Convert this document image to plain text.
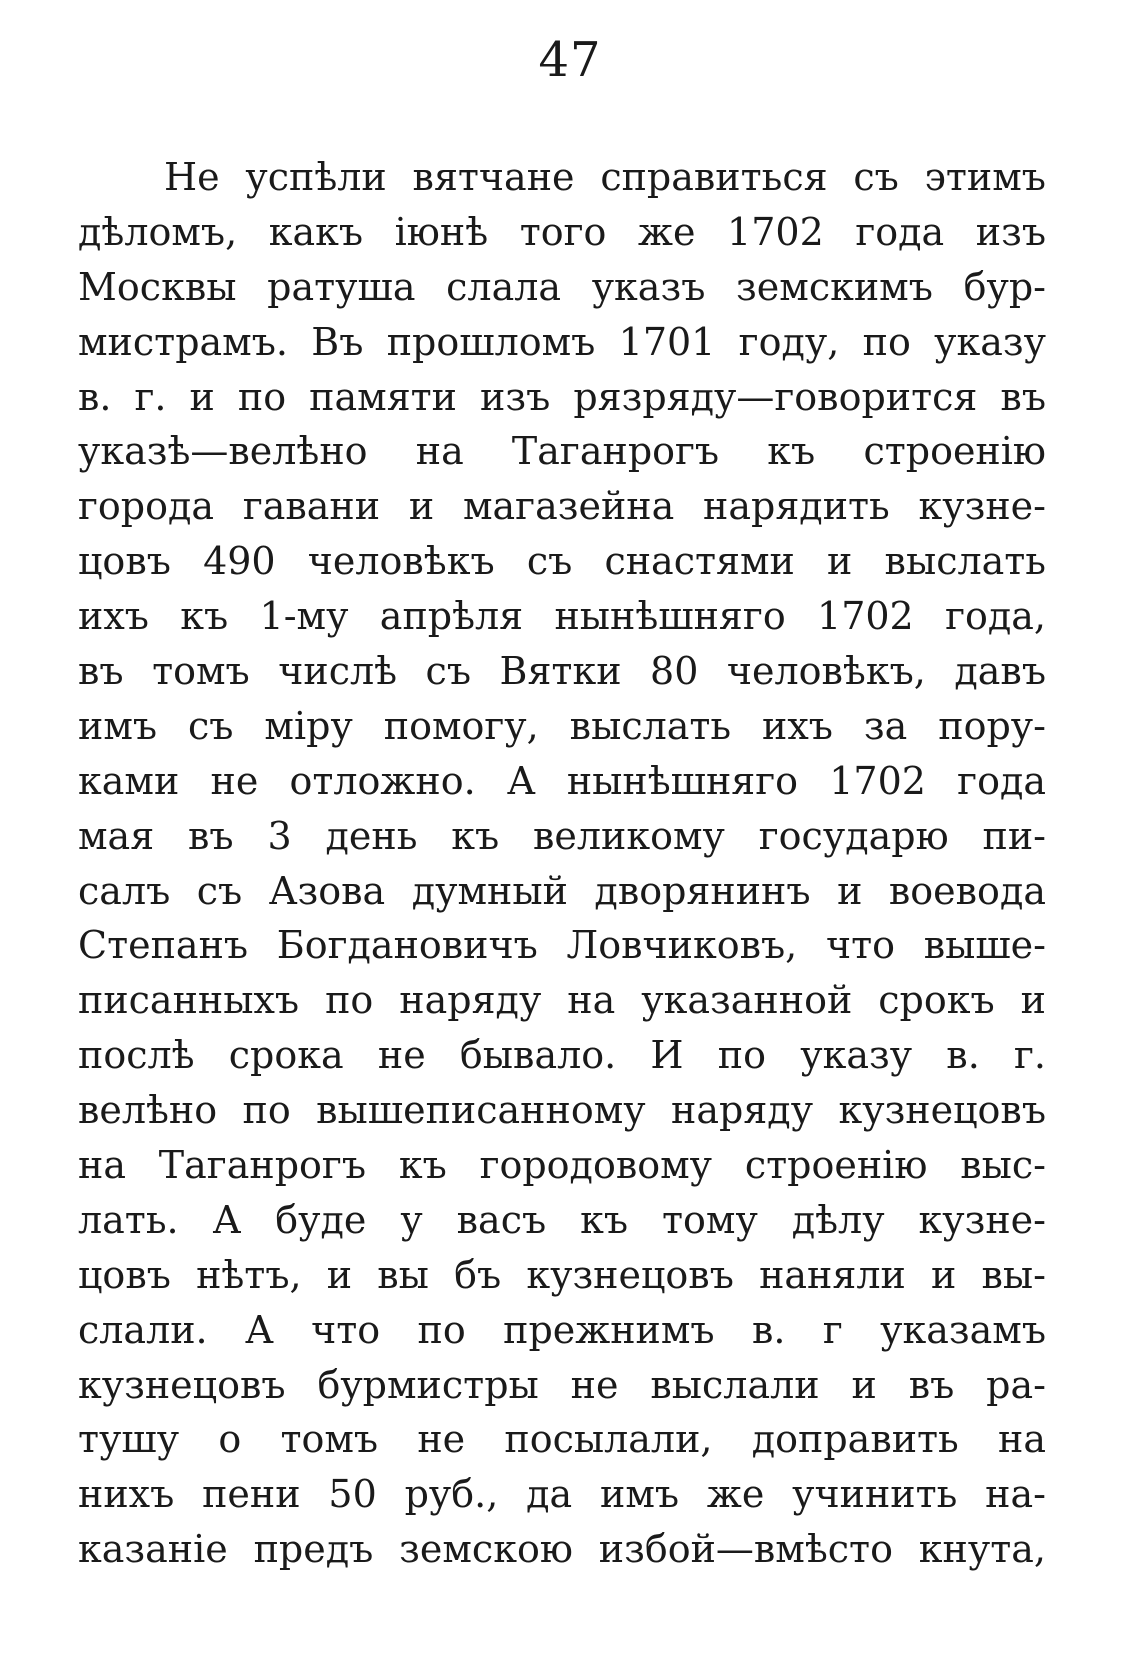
47
Не успѣли вятчане справиться съ этимъ
дѣломъ, какъ іюнѣ того же 1702 года изъ
Москвы ратуша слала указъ земскимъ бур-
мистрамъ. Въ прошломъ 1701 году, по указу
в. г. и по памяти изъ рязряду—говорится въ
указѣ—велѣно на Таганрогъ къ строенію
города гавани и магазейна нарядить кузне-
цовъ 490 человѣкъ съ снастями и выслать
ихъ къ 1-му апрѣля нынѣшняго 1702 года,
въ томъ числѣ съ Вятки 80 человѣкъ, давъ
имъ съ міру помогу, выслать ихъ за пору-
ками не отложно. А нынѣшняго 1702 года
мая въ 3 день къ великому государю пи-
салъ съ Азова думный дворянинъ и воевода
Степанъ Богдановичъ Ловчиковъ, что выше-
писанныхъ по наряду на указанной срокъ и
послѣ срока не бывало. И по указу в. г.
велѣно по вышеписанному наряду кузнецовъ
на Таганрогъ къ городовому строенію выс-
лать. А буде у васъ къ тому дѣлу кузне-
цовъ нѣтъ, и вы бъ кузнецовъ наняли и вы-
слали. А что по прежнимъ в. г указамъ
кузнецовъ бурмистры не выслали и въ ра-
тушу о томъ не посылали, доправить на
нихъ пени 50 руб., да имъ же учинить на-
казаніе предъ земскою избой—вмѣсто кнута,
